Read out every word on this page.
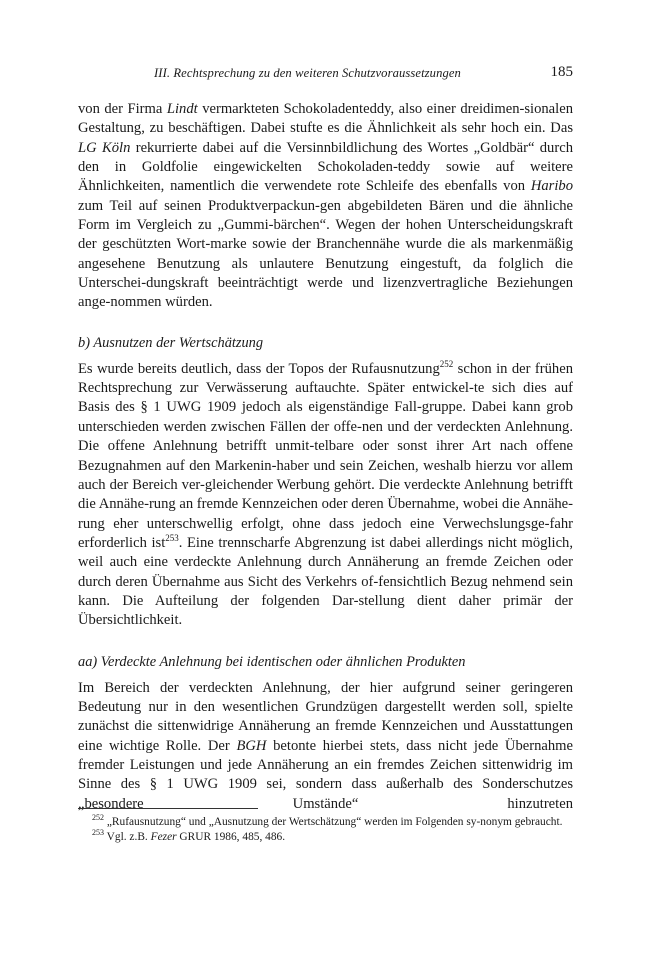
III. Rechtsprechung zu den weiteren Schutzvoraussetzungen	185

von der Firma Lindt vermarkteten Schokoladenteddy, also einer dreidimen-sionalen Gestaltung, zu beschäftigen. Dabei stufte es die Ähnlichkeit als sehr hoch ein. Das LG Köln rekurrierte dabei auf die Versinnbildlichung des Wortes „Goldbär“ durch den in Goldfolie eingewickelten Schokoladen-teddy sowie auf weitere Ähnlichkeiten, namentlich die verwendete rote Schleife des ebenfalls von Haribo zum Teil auf seinen Produktverpackun-gen abgebildeten Bären und die ähnliche Form im Vergleich zu „Gummi-bärchen“. Wegen der hohen Unterscheidungskraft der geschützten Wort-marke sowie der Branchennähe wurde die als markenmäßig angesehene Benutzung als unlautere Benutzung eingestuft, da folglich die Unterschei-dungskraft beeinträchtigt werde und lizenzvertragliche Beziehungen ange-nommen würden.

b) Ausnutzen der Wertschätzung

Es wurde bereits deutlich, dass der Topos der Rufausnutzung$^{252}$ schon in der frühen Rechtsprechung zur Verwässerung auftauchte. Später entwickel-te sich dies auf Basis des § 1 UWG 1909 jedoch als eigenständige Fall-gruppe. Dabei kann grob unterschieden werden zwischen Fällen der offe-nen und der verdeckten Anlehnung. Die offene Anlehnung betrifft unmit-telbare oder sonst ihrer Art nach offene Bezugnahmen auf den Markenin-haber und sein Zeichen, weshalb hierzu vor allem auch der Bereich ver-gleichender Werbung gehört. Die verdeckte Anlehnung betrifft die Annähe-rung an fremde Kennzeichen oder deren Übernahme, wobei die Annähe-rung eher unterschwellig erfolgt, ohne dass jedoch eine Verwechslungsge-fahr erforderlich ist$^{253}$. Eine trennscharfe Abgrenzung ist dabei allerdings nicht möglich, weil auch eine verdeckte Anlehnung durch Annäherung an fremde Zeichen oder durch deren Übernahme aus Sicht des Verkehrs of-fensichtlich Bezug nehmend sein kann. Die Aufteilung der folgenden Dar-stellung dient daher primär der Übersichtlichkeit.

aa) Verdeckte Anlehnung bei identischen oder ähnlichen Produkten

Im Bereich der verdeckten Anlehnung, der hier aufgrund seiner geringeren Bedeutung nur in den wesentlichen Grundzügen dargestellt werden soll, spielte zunächst die sittenwidrige Annäherung an fremde Kennzeichen und Ausstattungen eine wichtige Rolle. Der BGH betonte hierbei stets, dass nicht jede Übernahme fremder Leistungen und jede Annäherung an ein fremdes Zeichen sittenwidrig im Sinne des § 1 UWG 1909 sei, sondern dass außerhalb des Sonderschutzes „besondere Umstände“ hinzutreten

$^{252}$ „Rufausnutzung“ und „Ausnutzung der Wertschätzung“ werden im Folgenden sy-nonym gebraucht.

$^{253}$ Vgl. z.B. Fezer GRUR 1986, 485, 486.
